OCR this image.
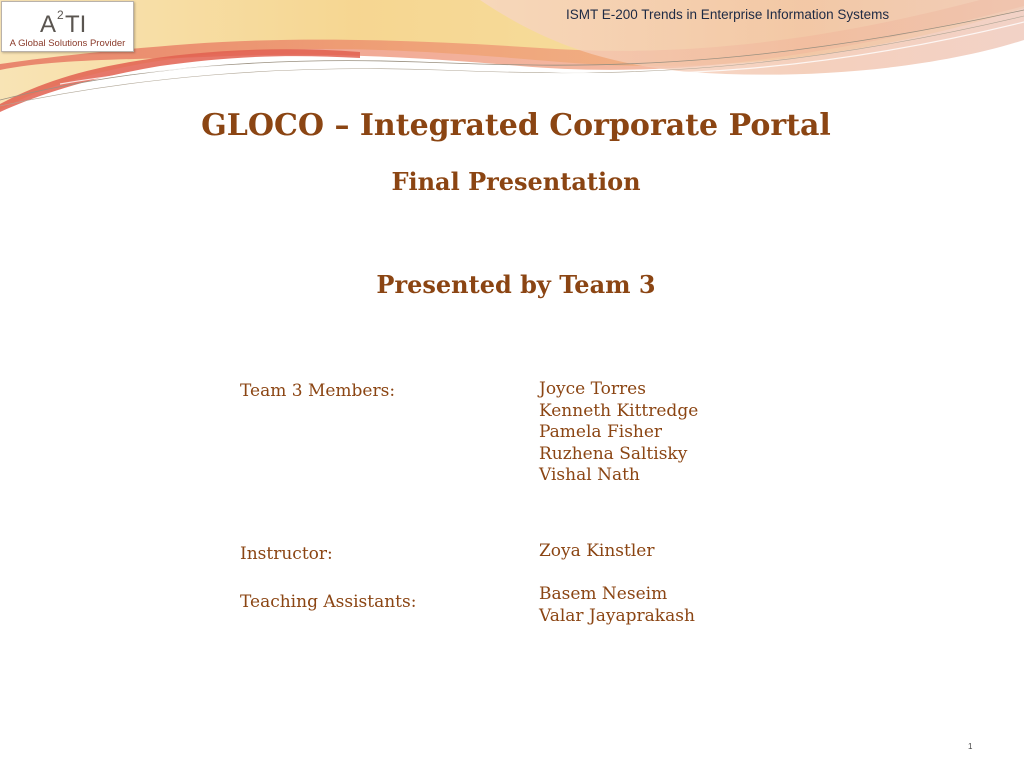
A 2 TI
A Global Solutions Provider
ISMT E-200 Trends in Enterprise Information Systems
GLOCO – Integrated Corporate Portal
Final Presentation
Presented by Team 3
Team 3 Members:	Joyce Torres
Kenneth Kittredge
Pamela Fisher
Ruzhena Saltisky
Vishal Nath
Instructor:	Zoya Kinstler
Teaching Assistants:	Basem Neseim
Valar Jayaprakash
1
